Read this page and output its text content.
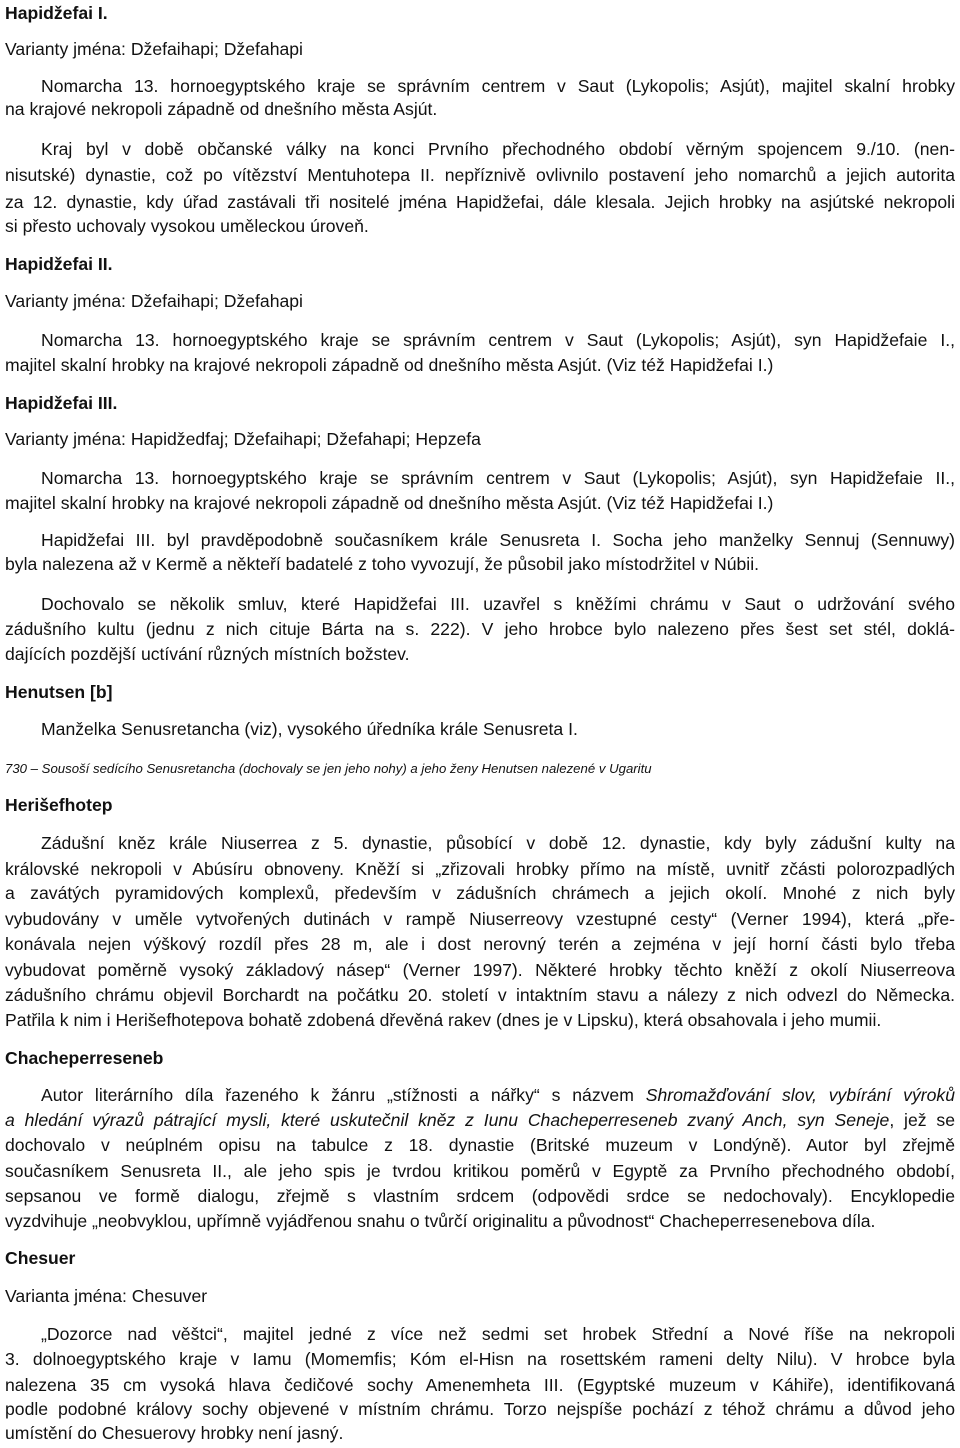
Hapidžefai I.
Varianty jména: Džefaihapi; Džefahapi
Nomarcha 13. hornoegyptského kraje se správním centrem v Saut (Lykopolis; Asjút), majitel skalní hrobky
na krajové nekropoli západně od dnešního města Asjút.
Kraj byl v době občanské války na konci Prvního přechodného období věrným spojencem 9./10. (nen-
nisutské) dynastie, což po vítězství Mentuhotepa II. nepříznivě ovlivnilo postavení jeho nomarchů a jejich autorita
za 12. dynastie, kdy úřad zastávali tři nositelé jména Hapidžefai, dále klesala. Jejich hrobky na asjútské nekropoli
si přesto uchovaly vysokou uměleckou úroveň.
Hapidžefai II.
Varianty jména: Džefaihapi; Džefahapi
Nomarcha 13. hornoegyptského kraje se správním centrem v Saut (Lykopolis; Asjút), syn Hapidžefaie I.,
majitel skalní hrobky na krajové nekropoli západně od dnešního města Asjút. (Viz též Hapidžefai I.)
Hapidžefai III.
Varianty jména: Hapidžedfaj; Džefaihapi; Džefahapi; Hepzefa
Nomarcha 13. hornoegyptského kraje se správním centrem v Saut (Lykopolis; Asjút), syn Hapidžefaie II.,
majitel skalní hrobky na krajové nekropoli západně od dnešního města Asjút. (Viz též Hapidžefai I.)
Hapidžefai III. byl pravděpodobně současníkem krále Senusreta I. Socha jeho manželky Sennuj (Sennuwy)
byla nalezena až v Kermě a někteří badatelé z toho vyvozují, že působil jako místodržitel v Núbii.
Dochovalo se několik smluv, které Hapidžefai III. uzavřel s kněžími chrámu v Saut o udržování svého
zádušního kultu (jednu z nich cituje Bárta na s. 222). V jeho hrobce bylo nalezeno přes šest set stél, doklá-
dajících pozdější uctívání různých místních božstev.
Henutsen [b]
Manželka Senusretancha (viz), vysokého úředníka krále Senusreta I.
730 – Sousoší sedícího Senusretancha (dochovaly se jen jeho nohy) a jeho ženy Henutsen nalezené v Ugaritu
Herišefhotep
Zádušní kněz krále Niuserrea z 5. dynastie, působící v době 12. dynastie, kdy byly zádušní kulty na
královské nekropoli v Abúsíru obnoveny. Kněží si „zřizovali hrobky přímo na místě, uvnitř zčásti polorozpadlých
a zavátých pyramidových komplexů, především v zádušních chrámech a jejich okolí. Mnohé z nich byly
vybudovány v uměle vytvořených dutinách v rampě Niuserreovy vzestupné cesty“ (Verner 1994), která „pře-
konávala nejen výškový rozdíl přes 28 m, ale i dost nerovný terén a zejména v její horní části bylo třeba
vybudovat poměrně vysoký základový násep“ (Verner 1997). Některé hrobky těchto kněží z okolí Niuserreova
zádušního chrámu objevil Borchardt na počátku 20. století v intaktním stavu a nálezy z nich odvezl do Německa.
Patřila k nim i Herišefhotepova bohatě zdobená dřevěná rakev (dnes je v Lipsku), která obsahovala i jeho mumii.
Chacheperreseneb
Autor literárního díla řazeného k žánru „stížnosti a nářky“ s názvem Shromažďování slov, vybírání výroků
a hledání výrazů pátrající mysli, které uskutečnil kněz z Iunu Chacheperreseneb zvaný Anch, syn Seneje, jež se
dochovalo v neúplném opisu na tabulce z 18. dynastie (Britské muzeum v Londýně). Autor byl zřejmě
současníkem Senusreta II., ale jeho spis je tvrdou kritikou poměrů v Egyptě za Prvního přechodného období,
sepsanou ve formě dialogu, zřejmě s vlastním srdcem (odpovědi srdce se nedochovaly). Encyklopedie
vyzdvihuje „neobvyklou, upřímně vyjádřenou snahu o tvůrčí originalitu a původnost“ Chacheperresenebova díla.
Chesuer
Varianta jména: Chesuver
„Dozorce nad věštci“, majitel jedné z více než sedmi set hrobek Střední a Nové říše na nekropoli
3. dolnoegyptského kraje v Iamu (Momemfis; Kóm el-Hisn na rosettském rameni delty Nilu). V hrobce byla
nalezena 35 cm vysoká hlava čedičové sochy Amenemheta III. (Egyptské muzeum v Káhiře), identifikovaná
podle podobné královy sochy objevené v místním chrámu. Torzo nejspíše pochází z téhož chrámu a důvod jeho
umístění do Chesuerovy hrobky není jasný.
